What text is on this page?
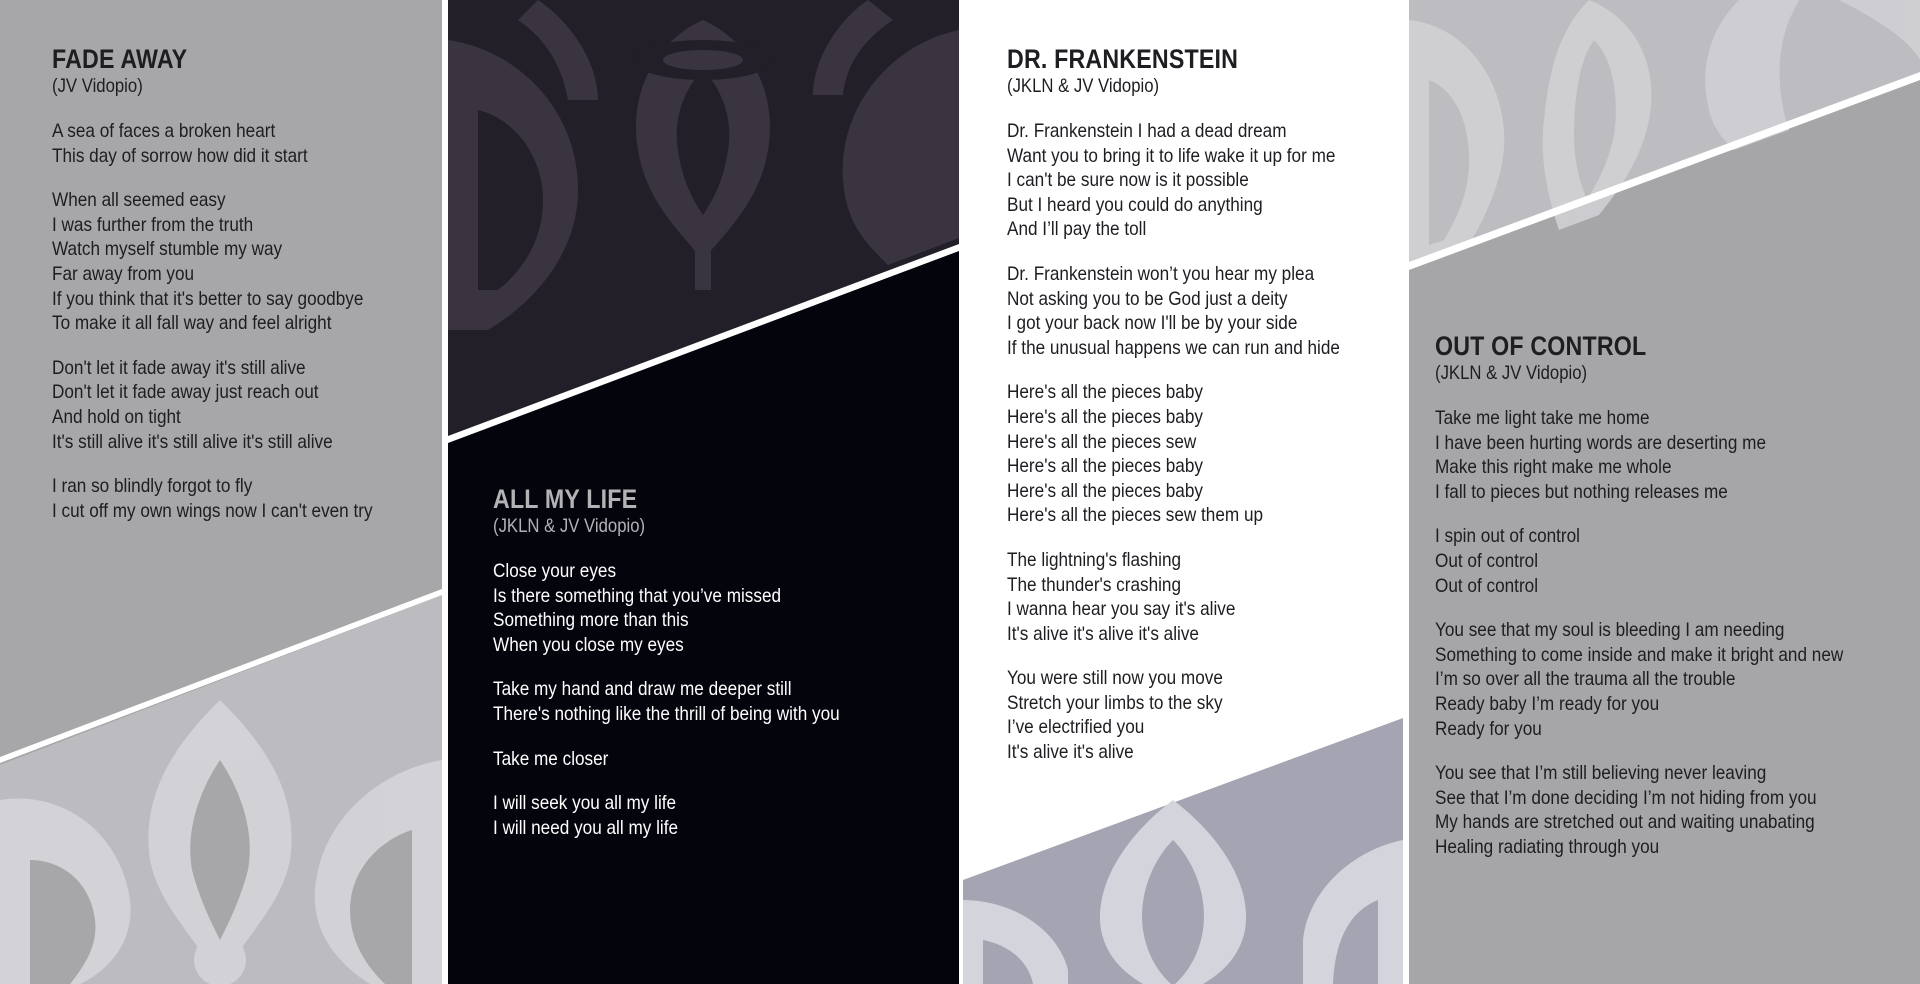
FADE AWAY
(JV Vidopio)
A sea of faces a broken heart
This day of sorrow how did it start
When all seemed easy
I was further from the truth
Watch myself stumble my way
Far away from you
If you think that it's better to say goodbye
To make it all fall way and feel alright
Don't let it fade away it's still alive
Don't let it fade away just reach out
And hold on tight
It's still alive it's still alive it's still alive
I ran so blindly forgot to fly
I cut off my own wings now I can't even try	ALL MY LIFE
(JKLN & JV Vidopio)
Close your eyes
Is there something that you’ve missed
Something more than this
When you close my eyes
Take my hand and draw me deeper still
There's nothing like the thrill of being with you
Take me closer
I will seek you all my life
I will need you all my life
DR. FRANKENSTEIN
(JKLN & JV Vidopio)
Dr. Frankenstein I had a dead dream
Want you to bring it to life wake it up for me
I can't be sure now is it possible
But I heard you could do anything
And I’ll pay the toll
Dr. Frankenstein won’t you hear my plea
Not asking you to be God just a deity
I got your back now I'll be by your side
If the unusual happens we can run and hide
Here's all the pieces baby
Here's all the pieces baby
Here's all the pieces sew
Here's all the pieces baby
Here's all the pieces baby
Here's all the pieces sew them up
The lightning's flashing
The thunder's crashing
I wanna hear you say it's alive
It's alive it's alive it's alive
You were still now you move
Stretch your limbs to the sky
I’ve electrified you
It's alive it's alive
OUT OF CONTROL
(JKLN & JV Vidopio)
Take me light take me home
I have been hurting words are deserting me
Make this right make me whole
I fall to pieces but nothing releases me
I spin out of control
Out of control
Out of control
You see that my soul is bleeding I am needing
Something to come inside and make it bright and new
I’m so over all the trauma all the trouble
Ready baby I’m ready for you
Ready for you
You see that I’m still believing never leaving
See that I’m done deciding I’m not hiding from you
My hands are stretched out and waiting unabating
Healing radiating through you
